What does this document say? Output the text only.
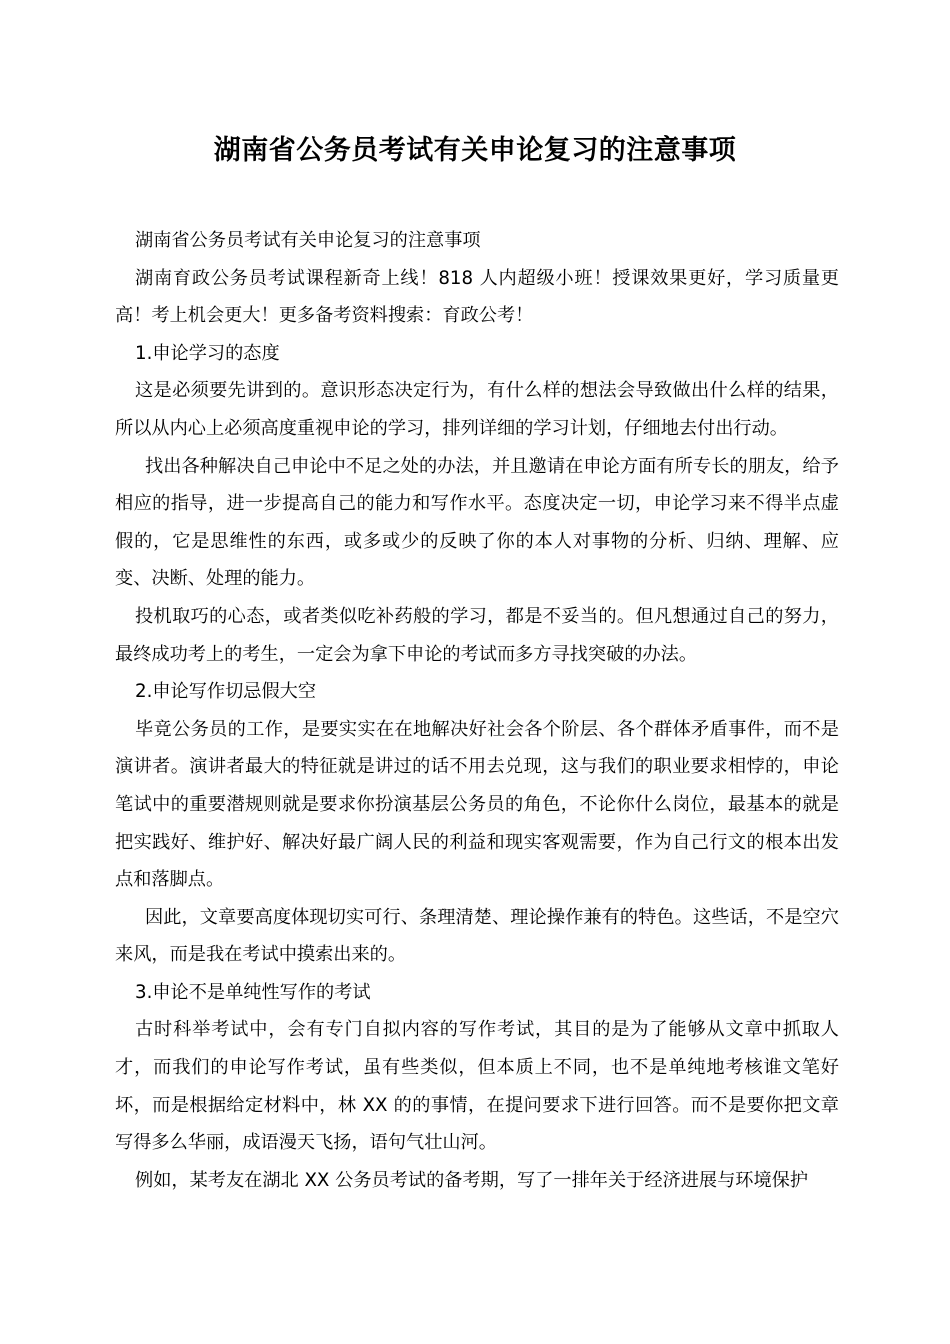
湖南省公务员考试有关申论复习的注意事项

湖南省公务员考试有关申论复习的注意事项

湖南育政公务员考试课程新奇上线！818 人内超级小班！授课效果更好，学习质量更高！考上机会更大！更多备考资料搜索：育政公考！

1.申论学习的态度

这是必须要先讲到的。意识形态决定行为，有什么样的想法会导致做出什么样的结果，所以从内心上必须高度重视申论的学习，排列详细的学习计划，仔细地去付出行动。

找出各种解决自己申论中不足之处的办法，并且邀请在申论方面有所专长的朋友，给予相应的指导，进一步提高自己的能力和写作水平。态度决定一切，申论学习来不得半点虚假的，它是思维性的东西，或多或少的反映了你的本人对事物的分析、归纳、理解、应变、决断、处理的能力。

投机取巧的心态，或者类似吃补药般的学习，都是不妥当的。但凡想通过自己的努力，最终成功考上的考生，一定会为拿下申论的考试而多方寻找突破的办法。

2.申论写作切忌假大空

毕竟公务员的工作，是要实实在在地解决好社会各个阶层、各个群体矛盾事件，而不是演讲者。演讲者最大的特征就是讲过的话不用去兑现，这与我们的职业要求相悖的，申论笔试中的重要潜规则就是要求你扮演基层公务员的角色，不论你什么岗位，最基本的就是把实践好、维护好、解决好最广阔人民的利益和现实客观需要，作为自己行文的根本出发点和落脚点。

因此，文章要高度体现切实可行、条理清楚、理论操作兼有的特色。这些话，不是空穴来风，而是我在考试中摸索出来的。

3.申论不是单纯性写作的考试

古时科举考试中，会有专门自拟内容的写作考试，其目的是为了能够从文章中抓取人才，而我们的申论写作考试，虽有些类似，但本质上不同，也不是单纯地考核谁文笔好坏，而是根据给定材料中，林 XX 的的事情，在提问要求下进行回答。而不是要你把文章写得多么华丽，成语漫天飞扬，语句气壮山河。

例如，某考友在湖北 XX 公务员考试的备考期，写了一排年关于经济进展与环境保护
